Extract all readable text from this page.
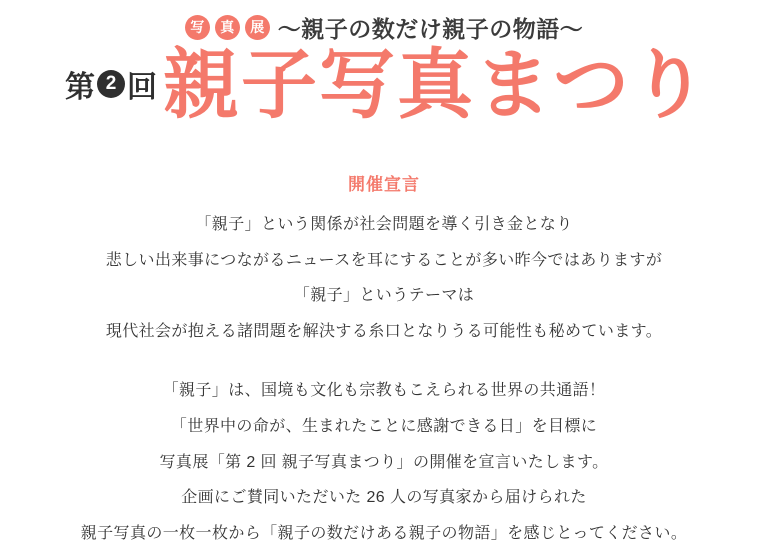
写	真	展 〜親子の数だけ親子の物語〜
第 2 回 親子写真まつり
開催宣言

「親子」という関係が社会問題を導く引き金となり

悲しい出来事につながるニュースを耳にすることが多い昨今ではありますが

「親子」というテーマは

現代社会が抱える諸問題を解決する糸口となりうる可能性も秘めています。

「親子」は、国境も文化も宗教もこえられる世界の共通語！

「世界中の命が、生まれたことに感謝できる日」を目標に

写真展「第 2 回 親子写真まつり」の開催を宣言いたします。

企画にご賛同いただいた 26 人の写真家から届けられた

親子写真の一枚一枚から「親子の数だけある親子の物語」を感じとってください。
